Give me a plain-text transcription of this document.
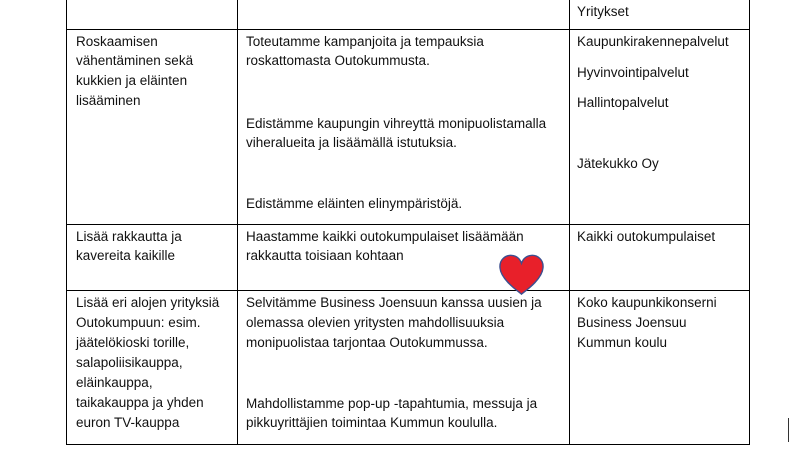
Yritykset
Roskaamisen
vähentäminen sekä
kukkien ja eläinten
lisääminen
Toteutamme kampanjoita ja tempauksia
roskattomasta Outokummusta.
Edistämme kaupungin vihreyttä monipuolistamalla
viheralueita ja lisäämällä istutuksia.
Edistämme eläinten elinympäristöjä.
Kaupunkirakennepalvelut
Hyvinvointipalvelut
Hallintopalvelut
Jätekukko Oy
Lisää rakkautta ja
kavereita kaikille
Haastamme kaikki outokumpulaiset lisäämään
rakkautta toisiaan kohtaan
Kaikki outokumpulaiset
Lisää eri alojen yrityksiä
Outokumpuun: esim.
jäätelökioski torille,
salapoliisikauppa,
eläinkauppa,
taikakauppa ja yhden
euron TV-kauppa
Selvitämme Business Joensuun kanssa uusien ja
olemassa olevien yritysten mahdollisuuksia
monipuolistaa tarjontaa Outokummussa.
Mahdollistamme pop-up -tapahtumia, messuja ja
pikkuyrittäjien toimintaa Kummun koululla.
Koko kaupunkikonserni
Business Joensuu
Kummun koulu
